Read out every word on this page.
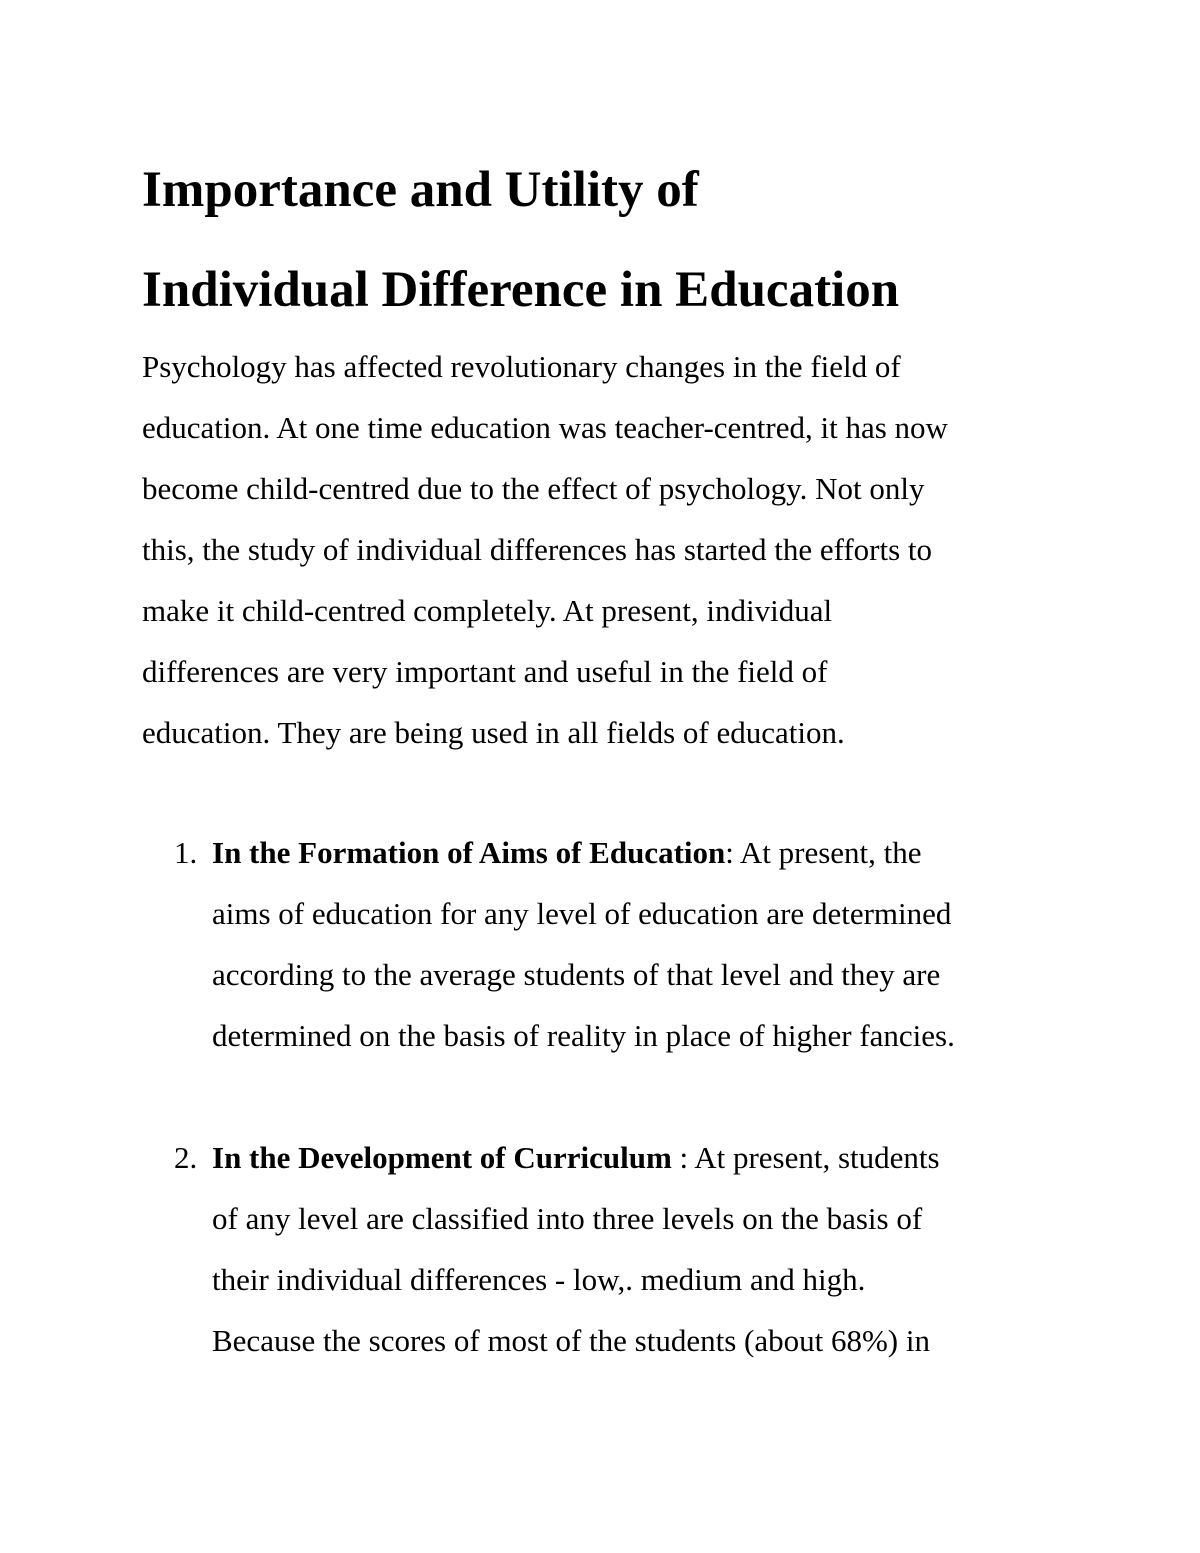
Importance and Utility of
Individual Difference in Education

Psychology has affected revolutionary changes in the field of
education. At one time education was teacher-centred, it has now
become child-centred due to the effect of psychology. Not only
this, the study of individual differences has started the efforts to
make it child-centred completely. At present, individual
differences are very important and useful in the field of
education. They are being used in all fields of education.

1. In the Formation of Aims of Education: At present, the
aims of education for any level of education are determined
according to the average students of that level and they are
determined on the basis of reality in place of higher fancies.
2. In the Development of Curriculum : At present, students
of any level are classified into three levels on the basis of
their individual differences - low,. medium and high.
Because the scores of most of the students (about 68%) in
